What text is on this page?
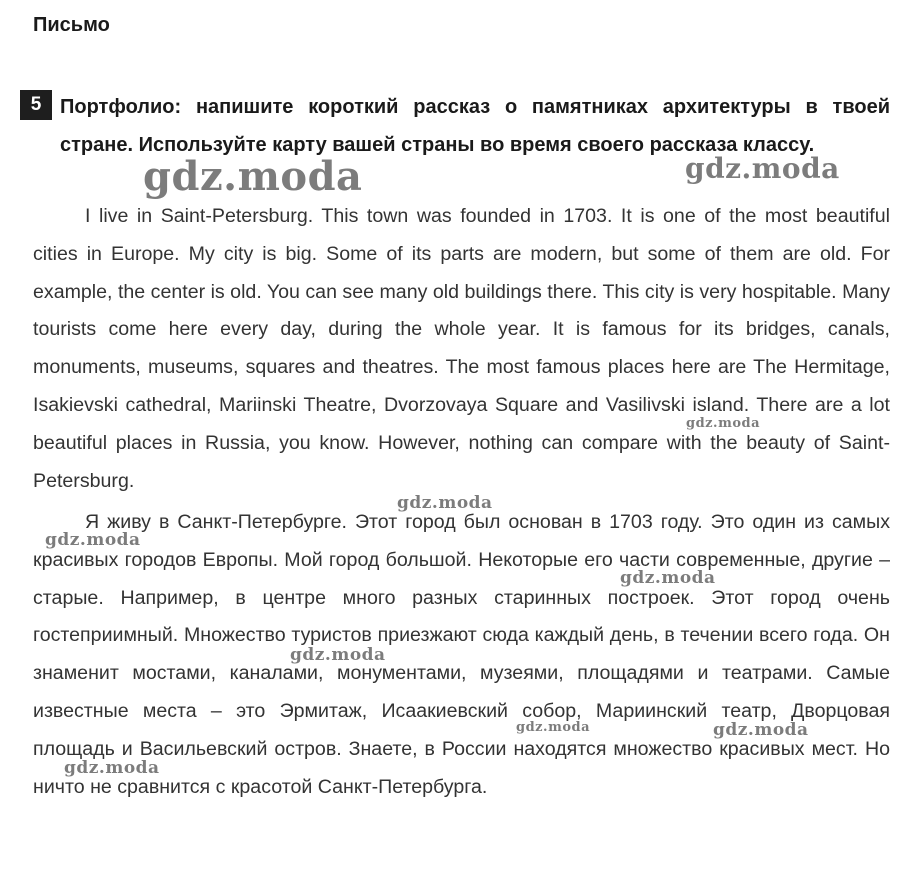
Письмо
5 Портфолио: напишите короткий рассказ о памятниках архитектуры в твоей стране. Используйте карту вашей страны во время своего рассказа классу.

I live in Saint-Petersburg. This town was founded in 1703. It is one of the most beautiful cities in Europe. My city is big. Some of its parts are modern, but some of them are old. For example, the center is old. You can see many old buildings there. This city is very hospitable. Many tourists come here every day, during the whole year. It is famous for its bridges, canals, monuments, museums, squares and theatres. The most famous places here are The Hermitage, Isakievski cathedral, Mariinski Theatre, Dvorzovaya Square and Vasilivski island. There are a lot beautiful places in Russia, you know. However, nothing can compare with the beauty of Saint-Petersburg.

Я живу в Санкт-Петербурге. Этот город был основан в 1703 году. Это один из самых красивых городов Европы. Мой город большой. Некоторые его части современные, другие – старые. Например, в центре много разных старинных построек. Этот город очень гостеприимный. Множество туристов приезжают сюда каждый день, в течении всего года. Он знаменит мостами, каналами, монументами, музеями, площадями и театрами. Самые известные места – это Эрмитаж, Исаакиевский собор, Мариинский театр, Дворцовая площадь и Васильевский остров. Знаете, в России находятся множество красивых мест. Но ничто не сравнится с красотой Санкт-Петербурга.

gdz.moda	gdz.moda
gdz.moda
gdz.moda
gdz.moda
gdz.moda
gdz.moda
gdz.moda	gdz.moda
gdz.moda
